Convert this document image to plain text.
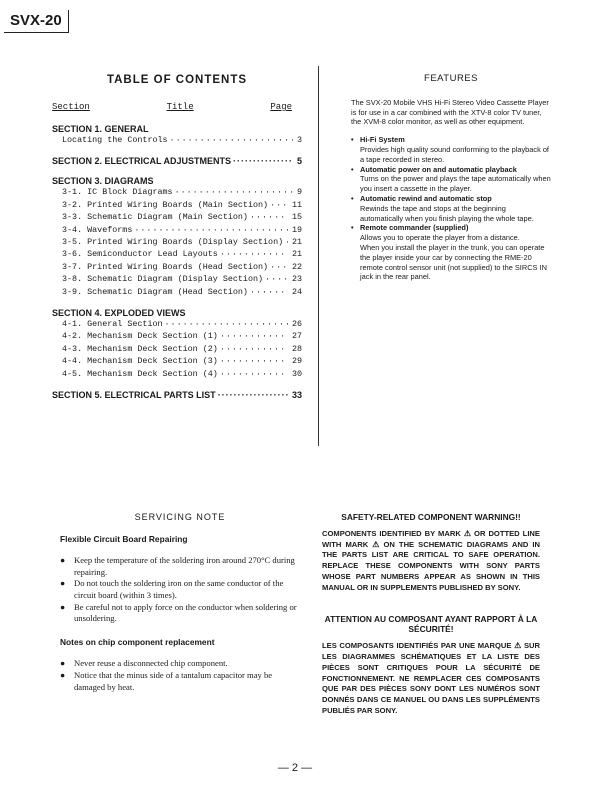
SVX-20
TABLE OF CONTENTS
Section	Title	Page
SECTION 1. GENERAL
Locating the Controls ·····	3
SECTION 2. ELECTRICAL ADJUSTMENTS ·····	5
SECTION 3. DIAGRAMS
3-1. IC Block Diagrams ·····	9
3-2. Printed Wiring Boards (Main Section) ·····	11
3-3. Schematic Diagram (Main Section) ·····	15
3-4. Waveforms ·····	19
3-5. Printed Wiring Boards (Display Section) ····· 21
3-6. Semiconductor Lead Layouts ·····	21
3-7. Printed Wiring Boards (Head Section) ·····	22
3-8. Schematic Diagram (Display Section) ·····	23
3-9. Schematic Diagram (Head Section) ·····	24
SECTION 4. EXPLODED VIEWS
4-1. General Section ·····	26
4-2. Mechanism Deck Section (1) ·····	27
4-3. Mechanism Deck Section (2) ·····	28
4-4. Mechanism Deck Section (3) ·····	29
4-5. Mechanism Deck Section (4) ·····	30
SECTION 5. ELECTRICAL PARTS LIST ·····	33
FEATURES

The SVX-20 Mobile VHS Hi-Fi Stereo Video Cassette Player is for use in a car combined with the XTV-8 color TV tuner, the XVM-8 color monitor, as well as other equipment.

• Hi-Fi System
Provides high quality sound conforming to the playback of a tape recorded in stereo.
• Automatic power on and automatic playback
Turns on the power and plays the tape automatically when you insert a cassette in the player.
• Automatic rewind and automatic stop
Rewinds the tape and stops at the beginning automatically when you finish playing the whole tape.
• Remote commander (supplied)
Allows you to operate the player from a distance.
When you install the player in the trunk, you can operate the player inside your car by connecting the RME-20 remote control sensor unit (not supplied) to the SIRCS IN jack in the rear panel.
SERVICING NOTE
Flexible Circuit Board Repairing
●	Keep the temperature of the soldering iron around 270°C during repairing.
●	Do not touch the soldering iron on the same conductor of the circuit board (within 3 times).
●	Be careful not to apply force on the conductor when soldering or unsoldering.
Notes on chip component replacement
●	Never reuse a disconnected chip component.
●	Notice that the minus side of a tantalum capacitor may be damaged by heat.
SAFETY-RELATED COMPONENT WARNING!!

COMPONENTS IDENTIFIED BY MARK ⚠ OR DOTTED LINE WITH MARK ⚠ ON THE SCHEMATIC DIAGRAMS AND IN THE PARTS LIST ARE CRITICAL TO SAFE OPERATION. REPLACE THESE COMPONENTS WITH SONY PARTS WHOSE PART NUMBERS APPEAR AS SHOWN IN THIS MANUAL OR IN SUPPLEMENTS PUBLISHED BY SONY.

ATTENTION AU COMPOSANT AYANT RAPPORT À LA SÉCURITÉ!

LES COMPOSANTS IDENTIFIÉS PAR UNE MARQUE ⚠ SUR LES DIAGRAMMES SCHÉMATIQUES ET LA LISTE DES PIÈCES SONT CRITIQUES POUR LA SÉCURITÉ DE FONCTIONNEMENT. NE REMPLACER CES COMPOSANTS QUE PAR DES PIÈCES SONY DONT LES NUMÉROS SONT DONNÉS DANS CE MANUEL OU DANS LES SUPPLÉMENTS PUBLIÉS PAR SONY.

— 2 —
